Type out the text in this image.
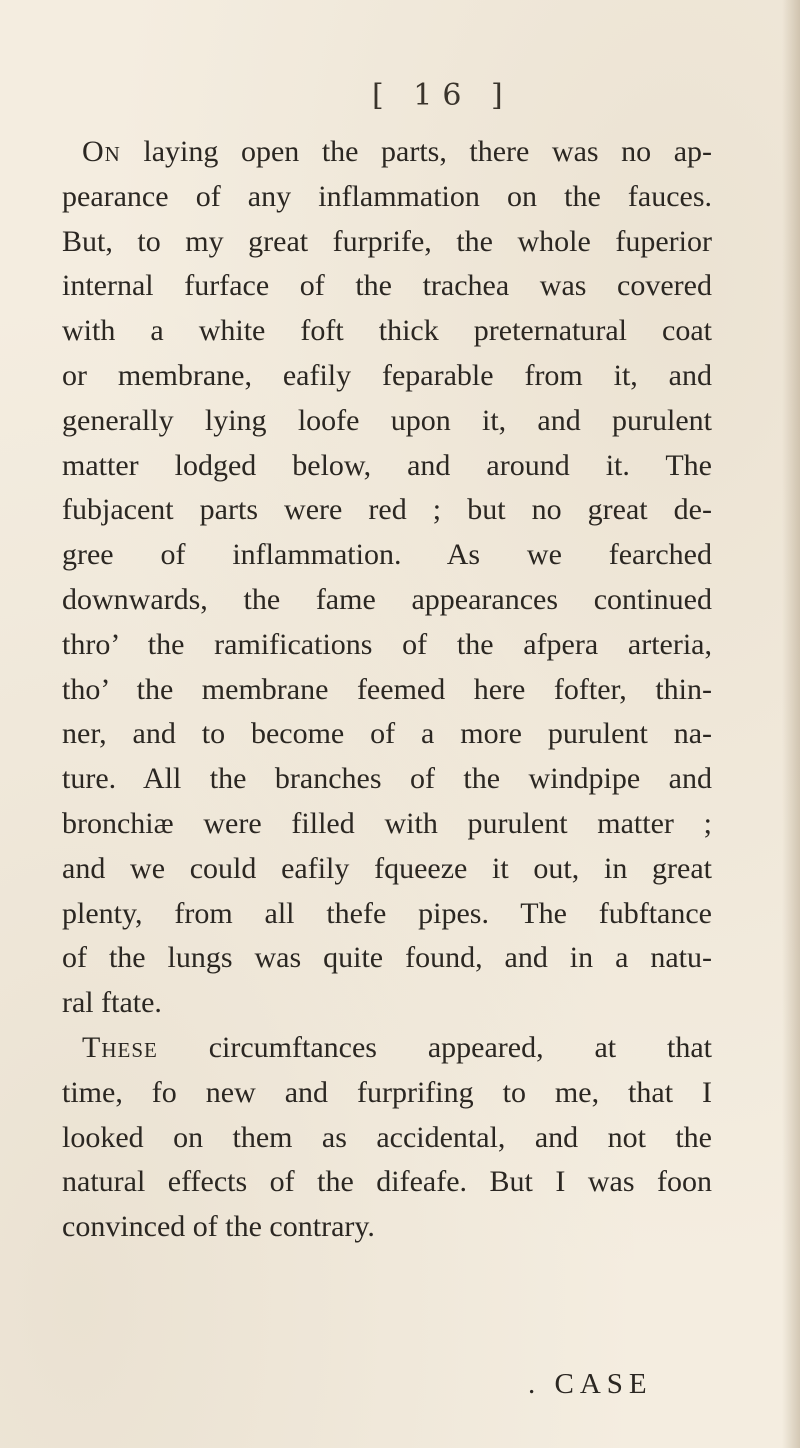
[ 16 ]
On laying open the parts, there was no ap-
pearance of any inflammation on the fauces.
But, to my great furprife, the whole fuperior
internal furface of the trachea was covered
with a white foft thick preternatural coat
or membrane, eafily feparable from it, and
generally lying loofe upon it, and purulent
matter lodged below, and around it. The
fubjacent parts were red ; but no great de-
gree of inflammation. As we fearched
downwards, the fame appearances continued
thro’ the ramifications of the afpera arteria,
tho’ the membrane feemed here fofter, thin-
ner, and to become of a more purulent na-
ture. All the branches of the windpipe and
bronchiæ were filled with purulent matter ;
and we could eafily fqueeze it out, in great
plenty, from all thefe pipes. The fubftance
of the lungs was quite found, and in a natu-
ral ftate.
These circumftances appeared, at that
time, fo new and furprifing to me, that I
looked on them as accidental, and not the
natural effects of the difeafe. But I was foon
convinced of the contrary.
. CASE
